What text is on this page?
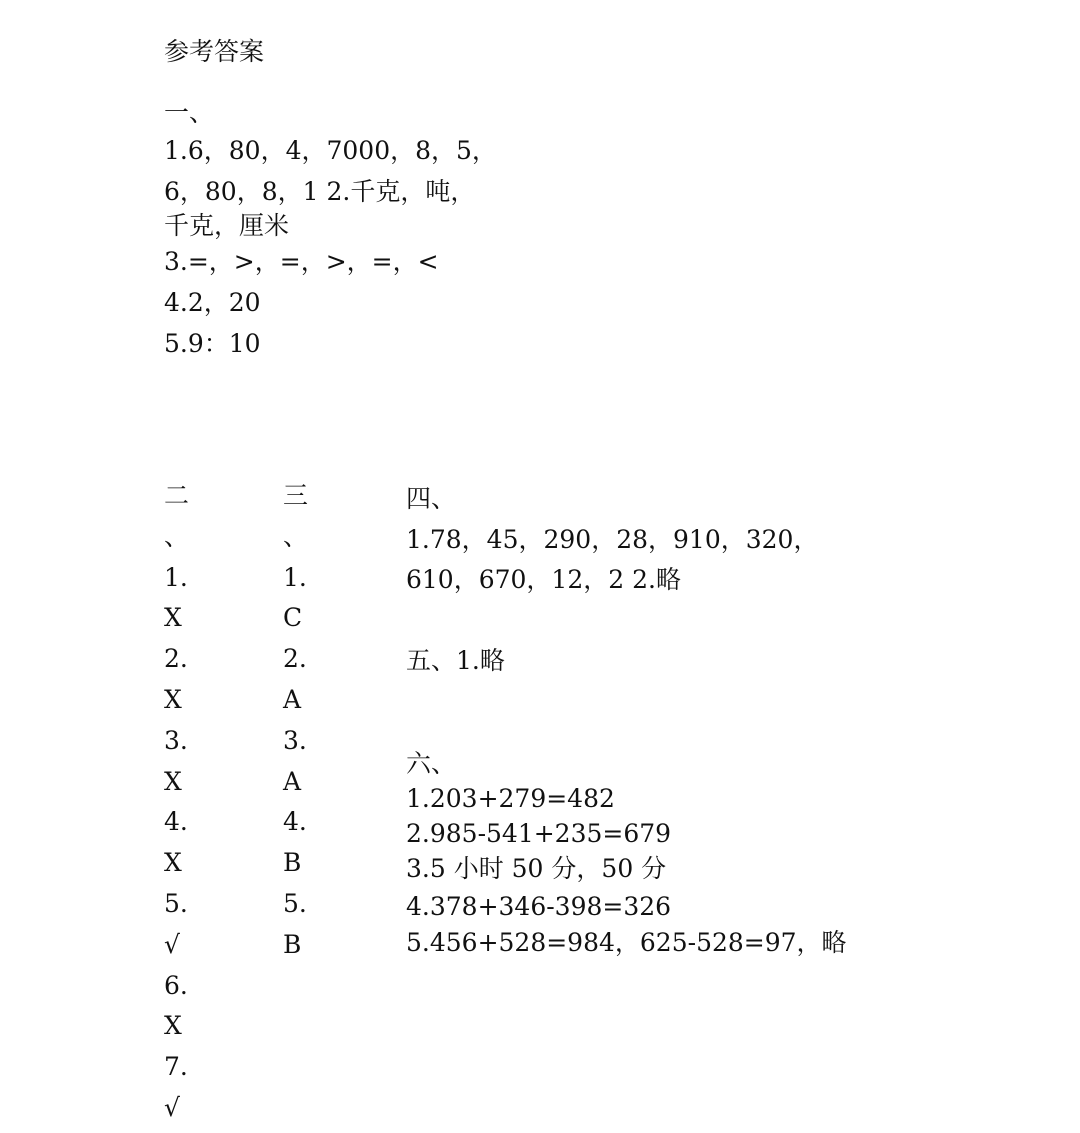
参考答案
一、
1.6，80，4，7000，8，5，
6，80，8，1 2.千克，吨，
千克，厘米
3.=，>，=，>，=，<
4.2，20
5.9：10
二
、
1.
X
2.
X
3.
X
4.
X
5.
√
6.
X
7.
√
三
、
1.
C
2.
A
3.
A
4.
B
5.
B
四、
1.78，45，290，28，910，320，
610，670，12，2 2.略
五、1.略
六、
1.203+279=482
2.985-541+235=679
3.5 小时 50 分，50 分
4.378+346-398=326
5.456+528=984，625-528=97，略
